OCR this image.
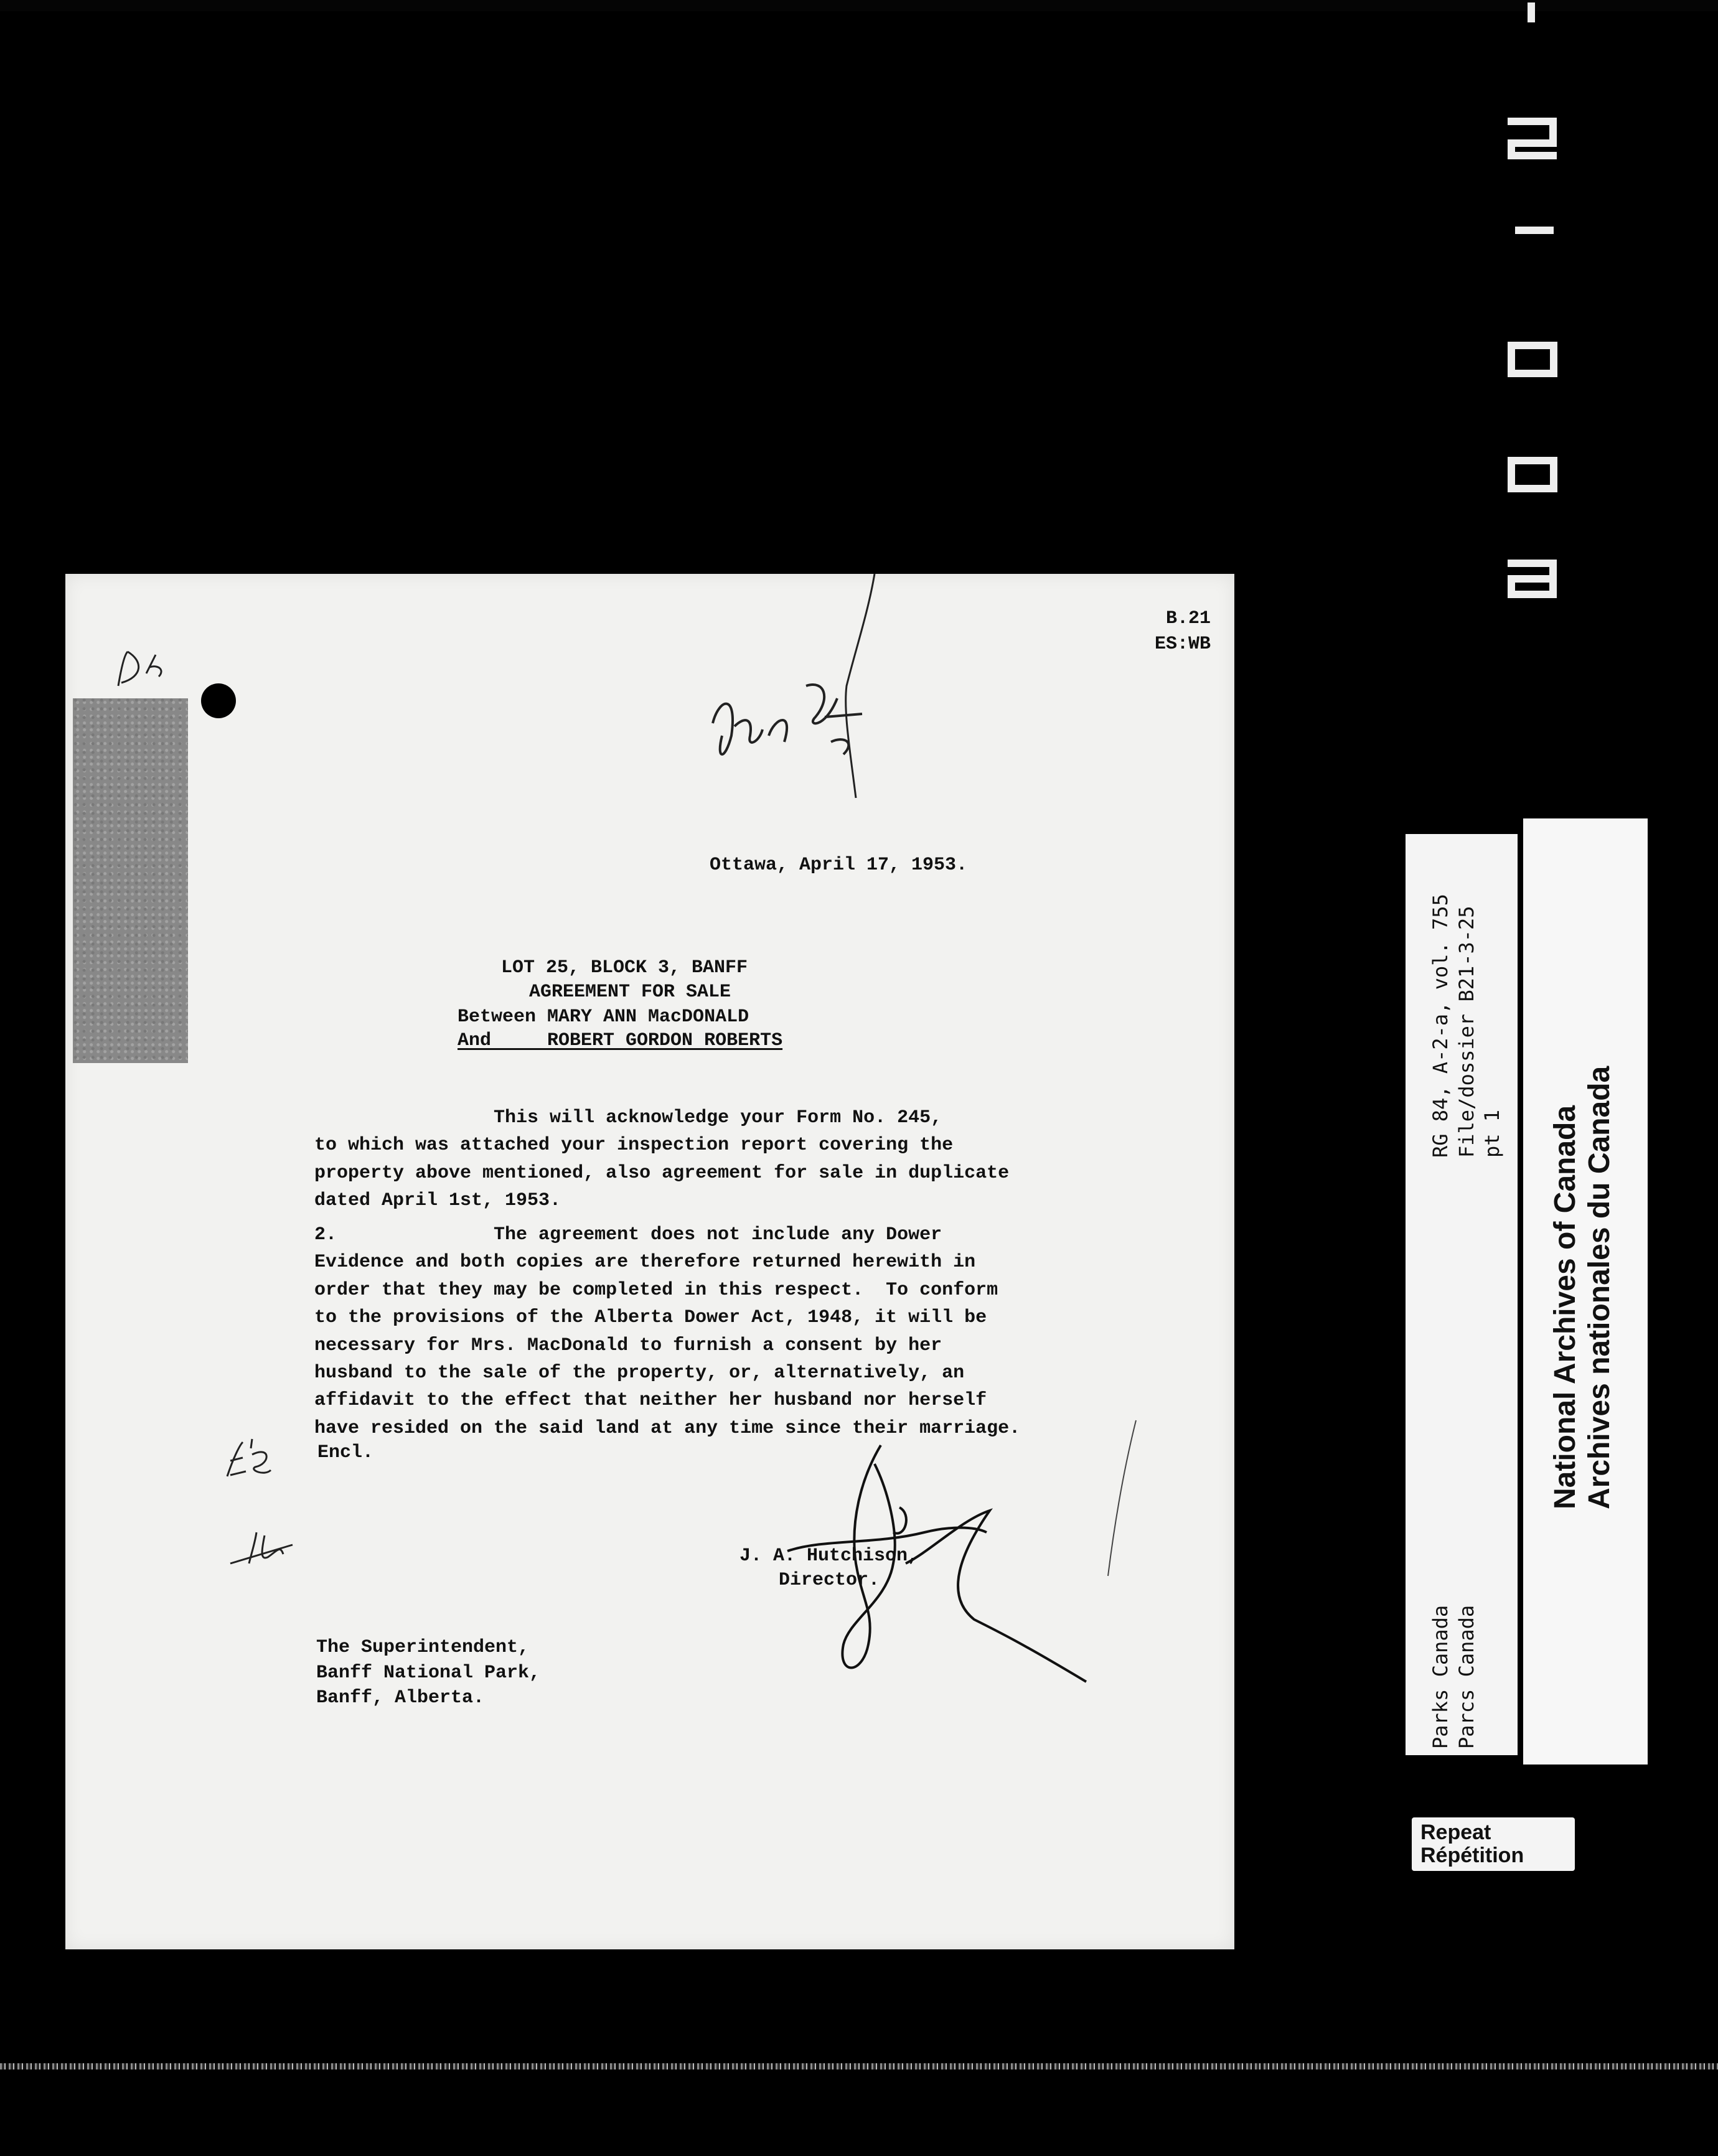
B.21
ES:WB
Ottawa, April 17, 1953.
LOT 25, BLOCK 3, BANFF
AGREEMENT FOR SALE
Between MARY ANN MacDONALD
And     ROBERT GORDON ROBERTS
This will acknowledge your Form No. 245,
to which was attached your inspection report covering the
property above mentioned, also agreement for sale in duplicate
dated April 1st, 1953.
2.              The agreement does not include any Dower
Evidence and both copies are therefore returned herewith in
order that they may be completed in this respect.  To conform
to the provisions of the Alberta Dower Act, 1948, it will be
necessary for Mrs. MacDonald to furnish a consent by her
husband to the sale of the property, or, alternatively, an
affidavit to the effect that neither her husband nor herself
have resided on the said land at any time since their marriage.
Encl.
J. A. Hutchison,
Director.
The Superintendent,
Banff National Park,
Banff, Alberta.	Parks Canada
Parcs Canada
RG 84, A-2-a, vol. 755
File/dossier B21-3-25
pt 1
National Archives of Canada
Archives nationales du Canada
Repeat
Répétition
